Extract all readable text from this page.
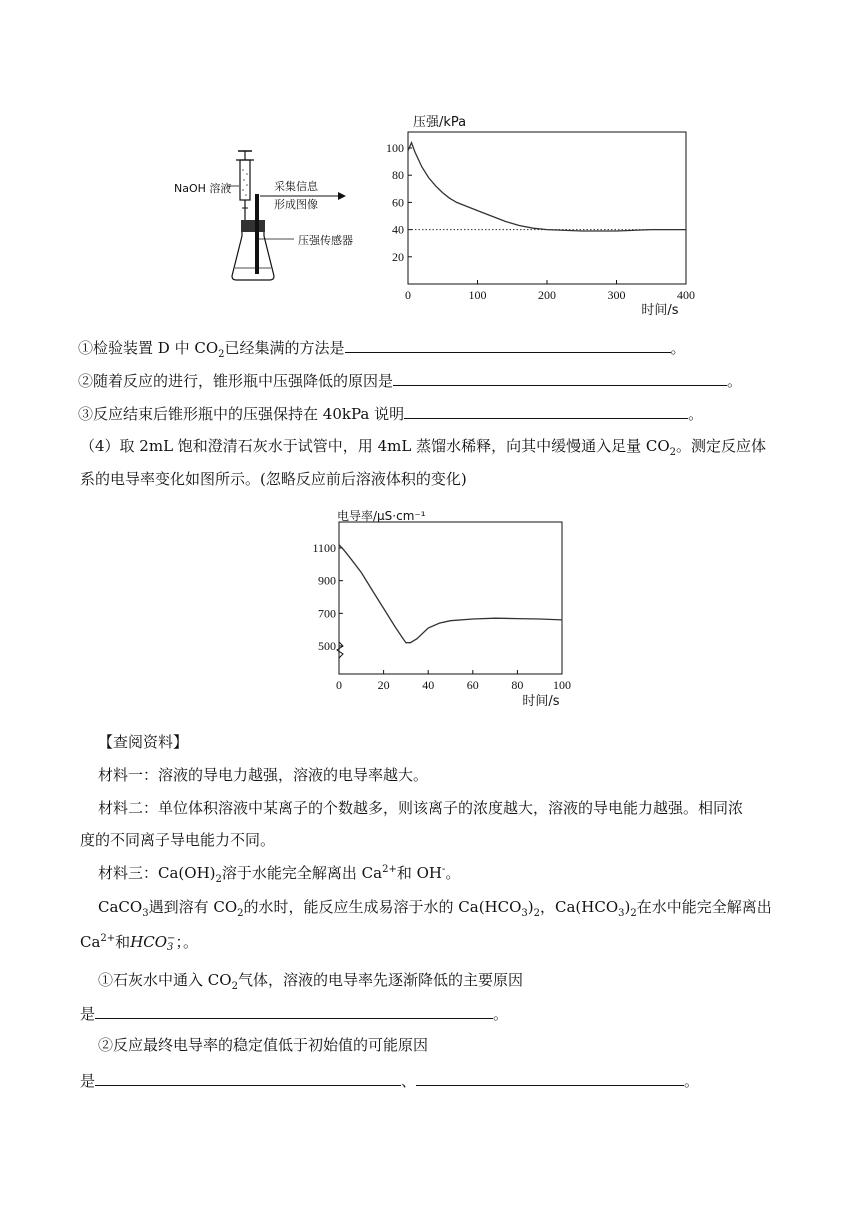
NaOH 溶液	采集信息
形成图像
压强传感器
压强/kPa
20
40
60
80
100
0	100	200	300	400
时间/s
①检验装置 D 中 $CO_2$已经集满的方法是	。
②随着反应的进行，锥形瓶中压强降低的原因是	。
③反应结束后锥形瓶中的压强保持在 40kPa 说明	。
（4）取 2mL 饱和澄清石灰水于试管中，用 4mL 蒸馏水稀释，向其中缓慢通入足量 $CO_2$。测定反应体
系的电导率变化如图所示。(忽略反应前后溶液体积的变化)
电导率/μS·cm⁻¹
500
700
900
1100
0	20	40	60	80 100
时间/s
【查阅资料】
材料一：溶液的导电力越强，溶液的电导率越大。
材料二：单位体积溶液中某离子的个数越多，则该离子的浓度越大，溶液的导电能力越强。相同浓
度的不同离子导电能力不同。
材料三：$Ca(OH)_2$溶于水能完全解离出 $Ca^{2+}$和 OH-。
CaCO$_3$遇到溶有 $CO_2$的水时，能反应生成易溶于水的 $Ca(HCO_3)_2$，$Ca(HCO_3)_2$在水中能完全解离出
$Ca^{2+}$和HCO −
3 ；。
①石灰水中通入 $CO_2$气体，溶液的电导率先逐渐降低的主要原因
是	。
②反应最终电导率的稳定值低于初始值的可能原因
是	、	。
